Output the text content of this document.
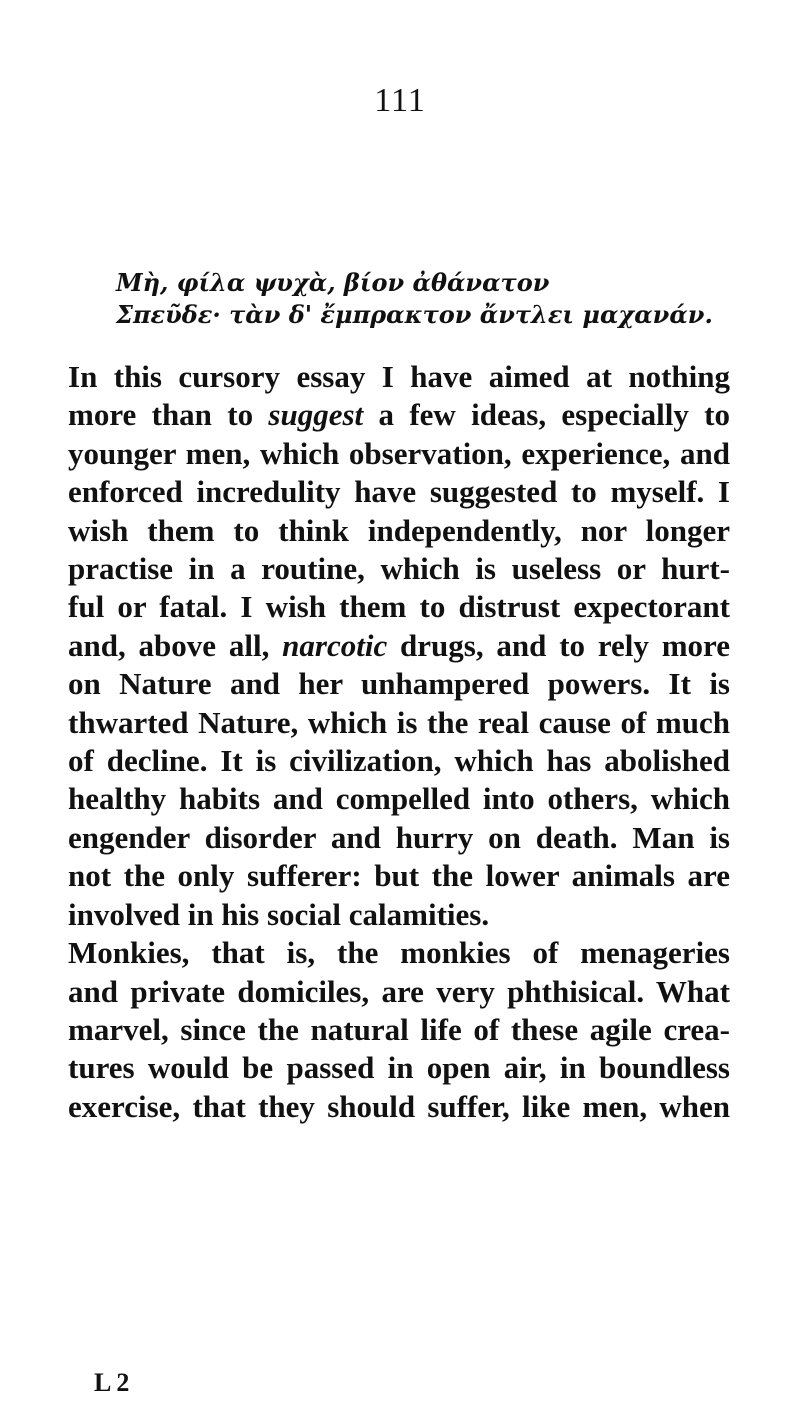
111
Μὴ, φίλα ψυχὰ, βίον ἀθάνατον
Σπεῦδε· τὰν δ' ἔμπρακτον ἄντλει μαχανάν.
In this cursory essay I have aimed at nothing
more than to suggest a few ideas, especially to
younger men, which observation, experience, and
enforced incredulity have suggested to myself. I
wish them to think independently, nor longer
practise in a routine, which is useless or hurt-
ful or fatal. I wish them to distrust expectorant
and, above all, narcotic drugs, and to rely more
on Nature and her unhampered powers. It is
thwarted Nature, which is the real cause of much
of decline. It is civilization, which has abolished
healthy habits and compelled into others, which
engender disorder and hurry on death. Man is
not the only sufferer: but the lower animals are
involved in his social calamities.
Monkies, that is, the monkies of menageries
and private domiciles, are very phthisical. What
marvel, since the natural life of these agile crea-
tures would be passed in open air, in boundless
exercise, that they should suffer, like men, when
L 2
